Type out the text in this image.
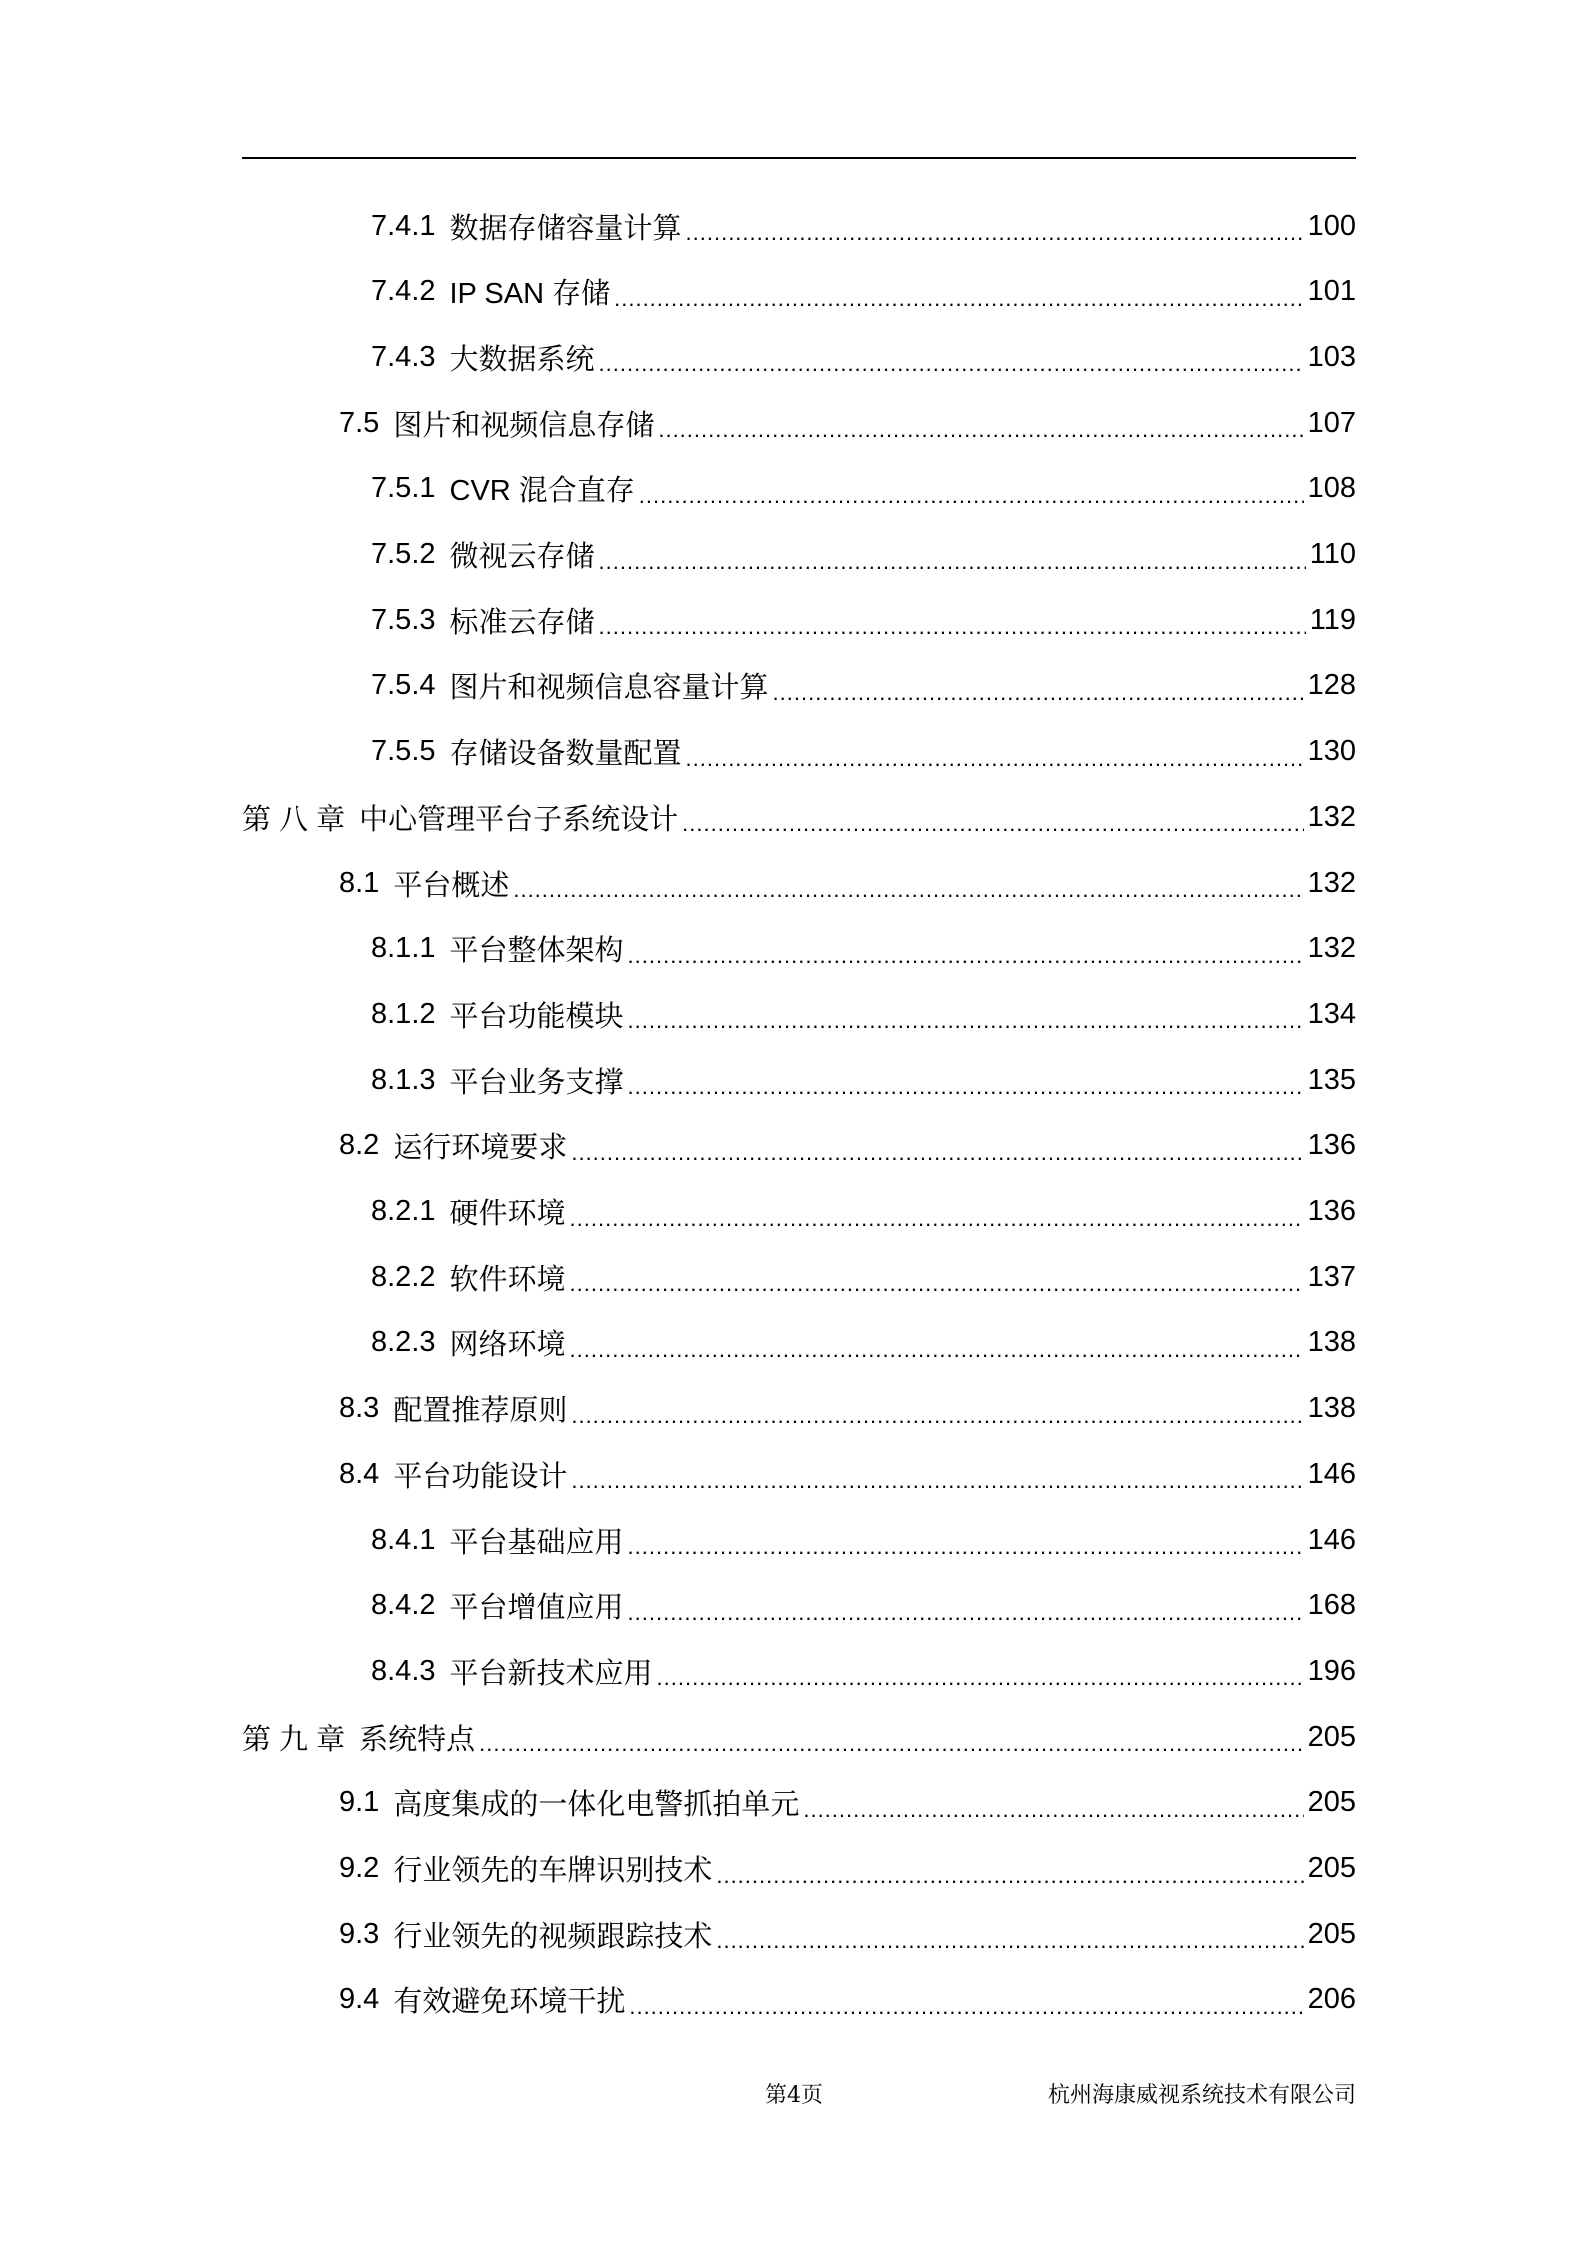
7.4.1 数据存储容量计算 .....	100
7.4.2 IP SAN 存储 .....	101
7.4.3 大数据系统 .....	103
7.5 图片和视频信息存储 .....	107
7.5.1 CVR 混合直存 .....	108
7.5.2 微视云存储 .....	110
7.5.3 标准云存储 .....	119
7.5.4 图片和视频信息容量计算 .....	128
7.5.5 存储设备数量配置 .....	130
第 八 章 中心管理平台子系统设计 .....	132
8.1 平台概述 .....	132
8.1.1 平台整体架构 .....	132
8.1.2 平台功能模块 .....	134
8.1.3 平台业务支撑 .....	135
8.2 运行环境要求 .....	136
8.2.1 硬件环境 .....	136
8.2.2 软件环境 .....	137
8.2.3 网络环境 .....	138
8.3 配置推荐原则 .....	138
8.4 平台功能设计 .....	146
8.4.1 平台基础应用 .....	146
8.4.2 平台增值应用 .....	168
8.4.3 平台新技术应用 .....	196
第 九 章 系统特点 .....	205
9.1 高度集成的一体化电警抓拍单元 .....	205
9.2 行业领先的车牌识别技术 .....	205
9.3 行业领先的视频跟踪技术 .....	205
9.4 有效避免环境干扰 .....	206
第4页	杭州海康威视系统技术有限公司
